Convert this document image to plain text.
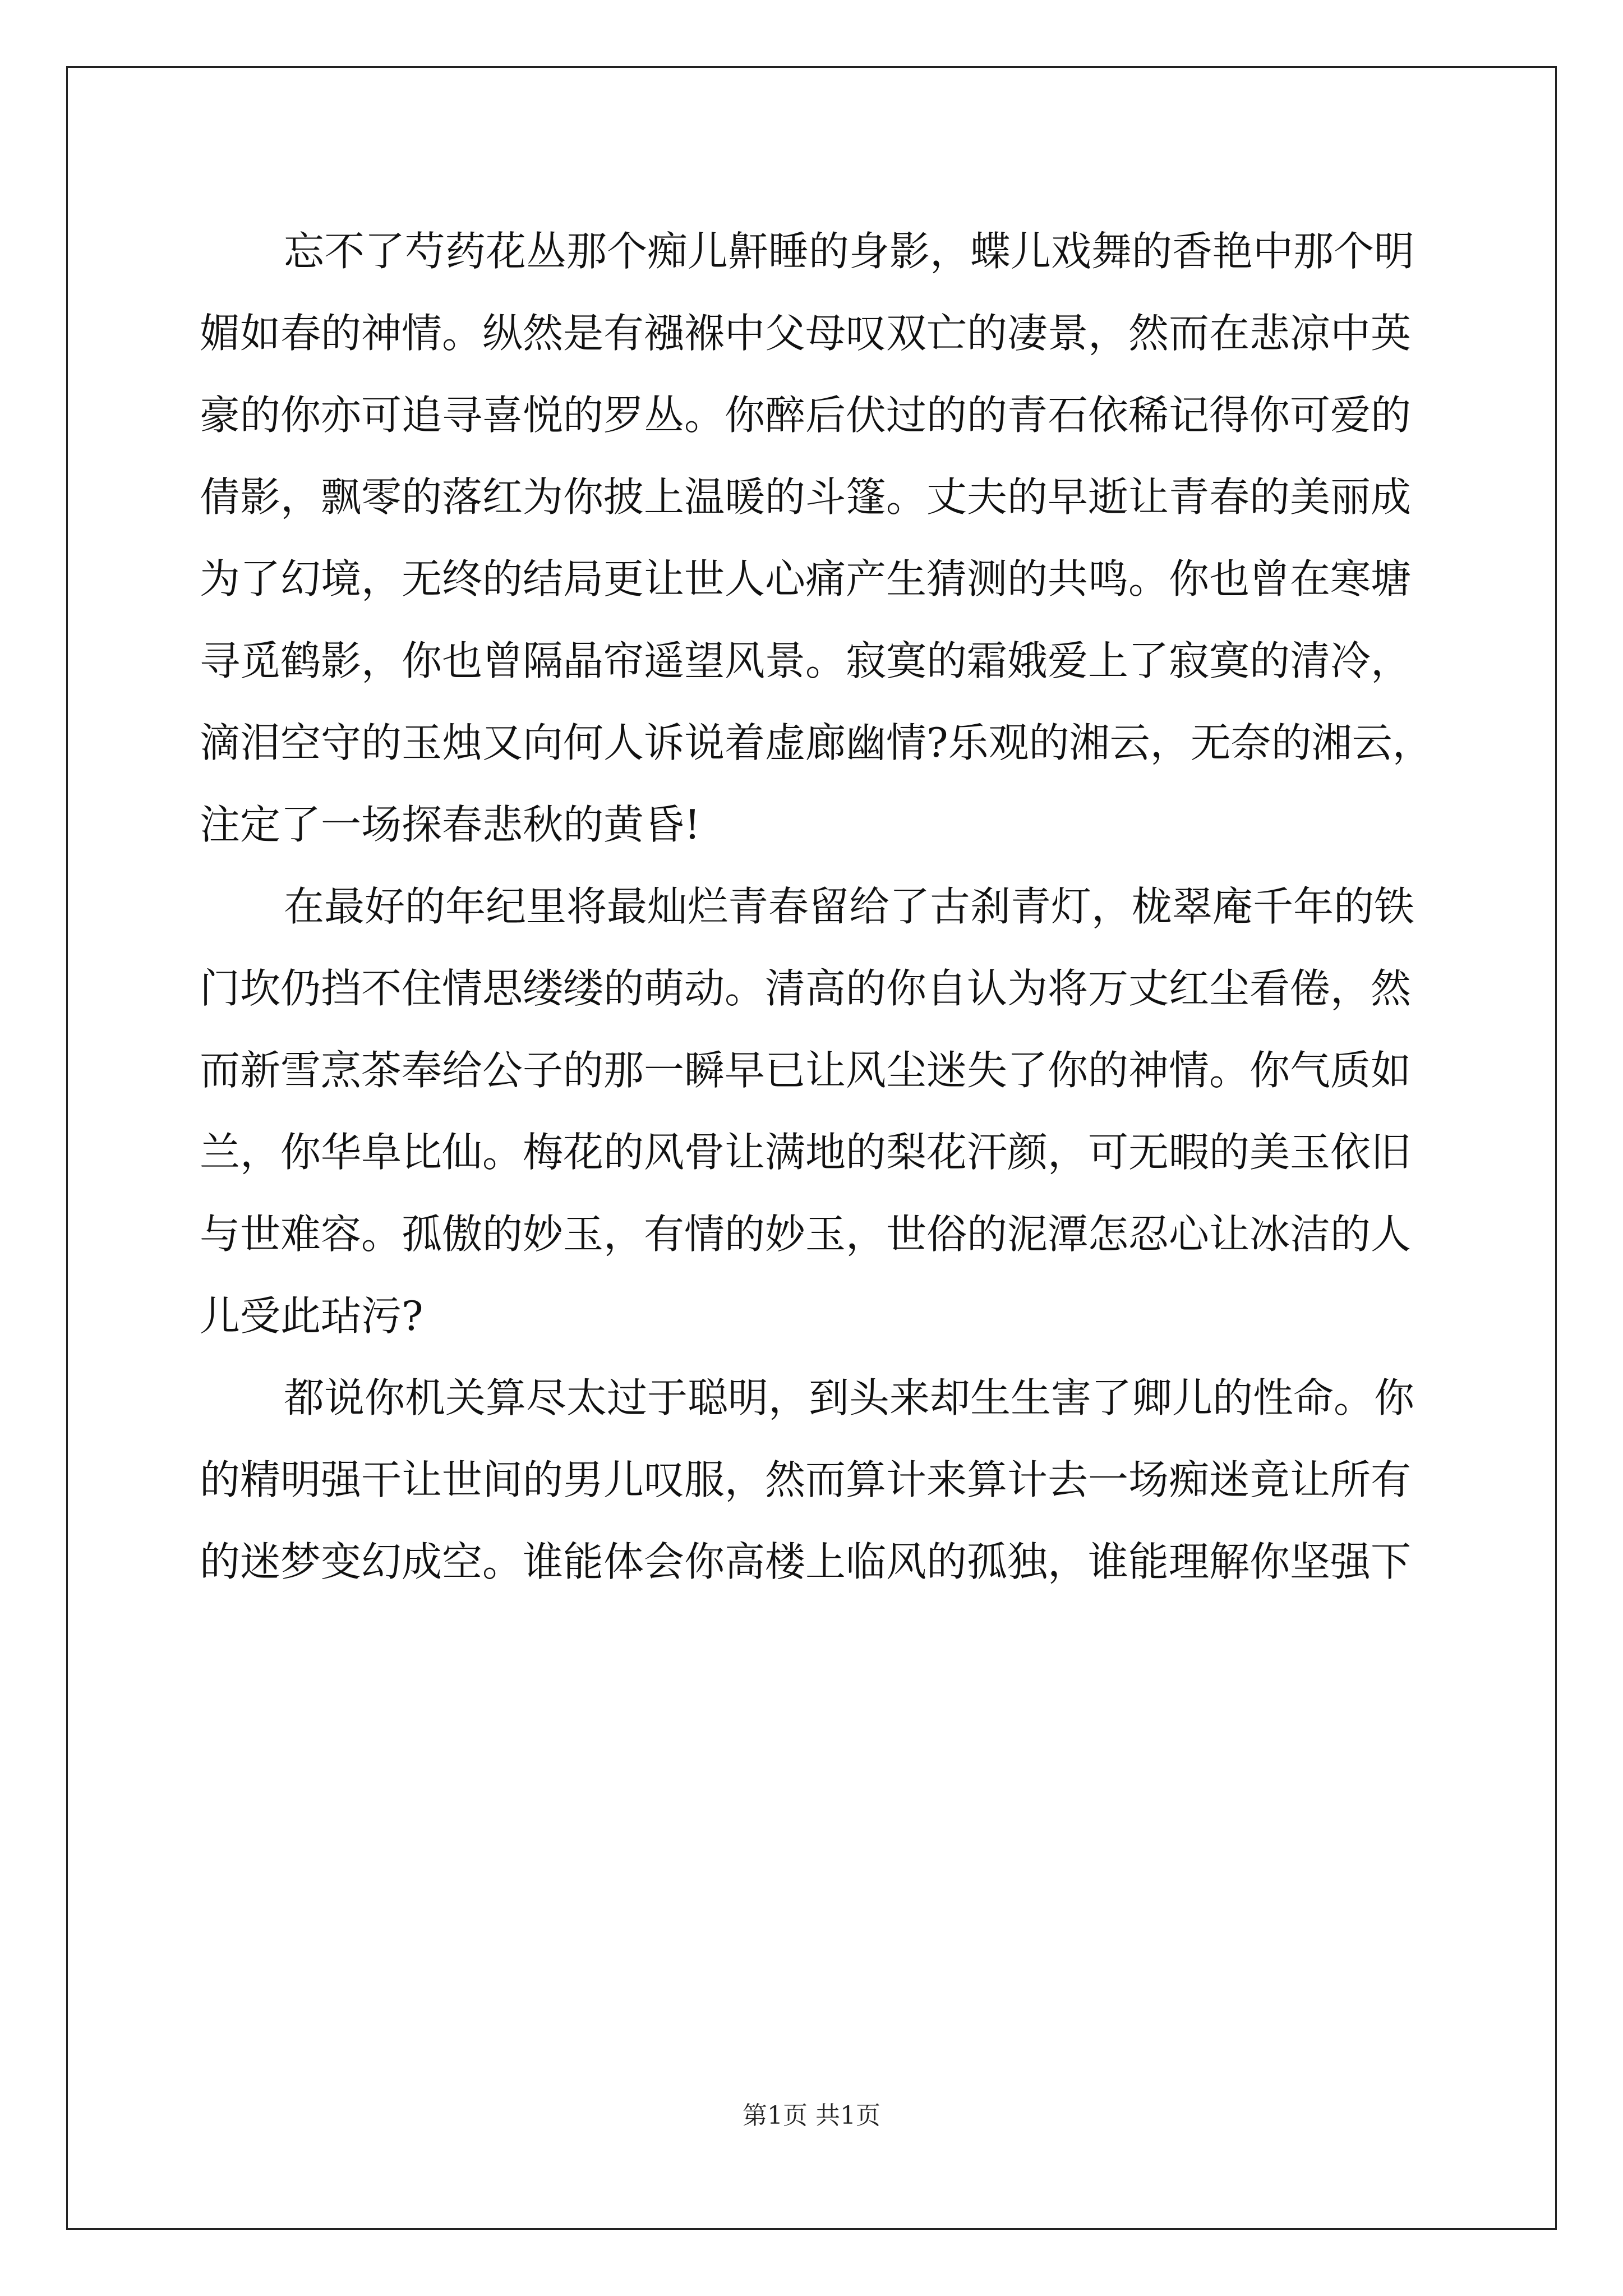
忘不了芍药花丛那个痴儿鼾睡的身影，蝶儿戏舞的香艳中那个明
媚如春的神情。纵然是有襁褓中父母叹双亡的凄景，然而在悲凉中英
豪的你亦可追寻喜悦的罗丛。你醉后伏过的的青石依稀记得你可爱的
倩影，飘零的落红为你披上温暖的斗篷。丈夫的早逝让青春的美丽成
为了幻境，无终的结局更让世人心痛产生猜测的共鸣。你也曾在寒塘
寻觅鹤影，你也曾隔晶帘遥望风景。寂寞的霜娥爱上了寂寞的清冷，
滴泪空守的玉烛又向何人诉说着虚廊幽情?乐观的湘云，无奈的湘云，
注定了一场探春悲秋的黄昏!
在最好的年纪里将最灿烂青春留给了古刹青灯，栊翠庵千年的铁
门坎仍挡不住情思缕缕的萌动。清高的你自认为将万丈红尘看倦，然
而新雪烹茶奉给公子的那一瞬早已让风尘迷失了你的神情。你气质如
兰，你华阜比仙。梅花的风骨让满地的梨花汗颜，可无暇的美玉依旧
与世难容。孤傲的妙玉，有情的妙玉，世俗的泥潭怎忍心让冰洁的人
儿受此玷污?
都说你机关算尽太过于聪明，到头来却生生害了卿儿的性命。你
的精明强干让世间的男儿叹服，然而算计来算计去一场痴迷竟让所有
的迷梦变幻成空。谁能体会你高楼上临风的孤独，谁能理解你坚强下
第1页 共1页
